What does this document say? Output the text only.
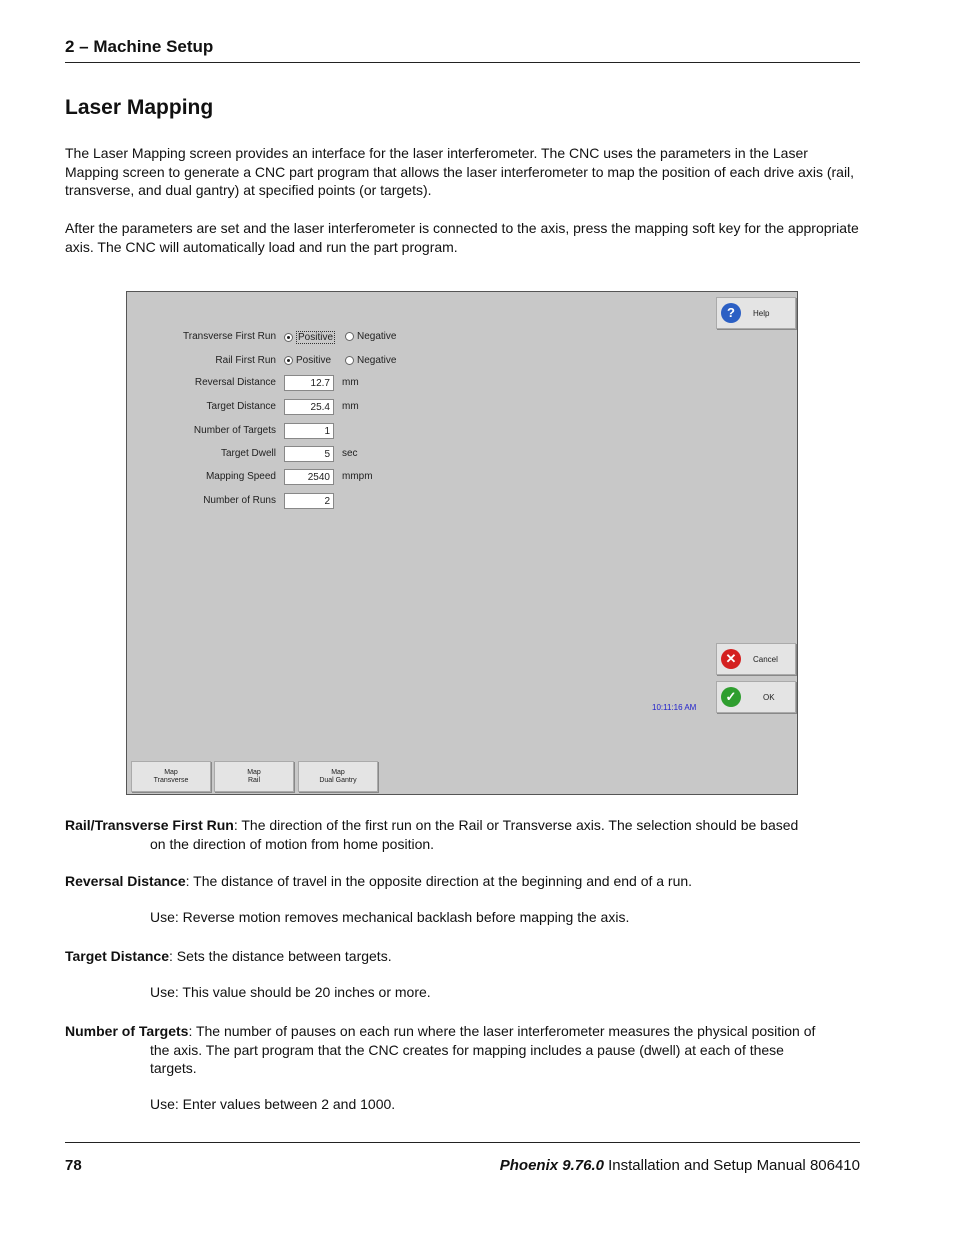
2 – Machine Setup
Laser Mapping

The Laser Mapping screen provides an interface for the laser interferometer. The CNC uses the parameters in the Laser Mapping screen to generate a CNC part program that allows the laser interferometer to map the position of each drive axis (rail, transverse, and dual gantry) at specified points (or targets).

After the parameters are set and the laser interferometer is connected to the axis, press the mapping soft key for the appropriate axis. The CNC will automatically load and run the part program.

Transverse First Run Positive Negative
Rail First Run Positive	Negative
Reversal Distance	12.7	mm
Target Distance	25.4	mm
Number of Targets	1
Target Dwell	5	sec
Mapping Speed	2540	mmpm
Number of Runs	2
?	Help
✕	Cancel
✓	OK
10:11:16 AM
Map
Transverse
Map
Rail
Map
Dual Gantry
Rail/Transverse First Run: The direction of the first run on the Rail or Transverse axis. The selection should be based
on the direction of motion from home position.
Reversal Distance: The distance of travel in the opposite direction at the beginning and end of a run.

Use: Reverse motion removes mechanical backlash before mapping the axis.

Target Distance: Sets the distance between targets.

Use: This value should be 20 inches or more.

Number of Targets: The number of pauses on each run where the laser interferometer measures the physical position of
the axis. The part program that the CNC creates for mapping includes a pause (dwell) at each of these
targets.

Use: Enter values between 2 and 1000.

78	Phoenix 9.76.0 Installation and Setup Manual 806410
